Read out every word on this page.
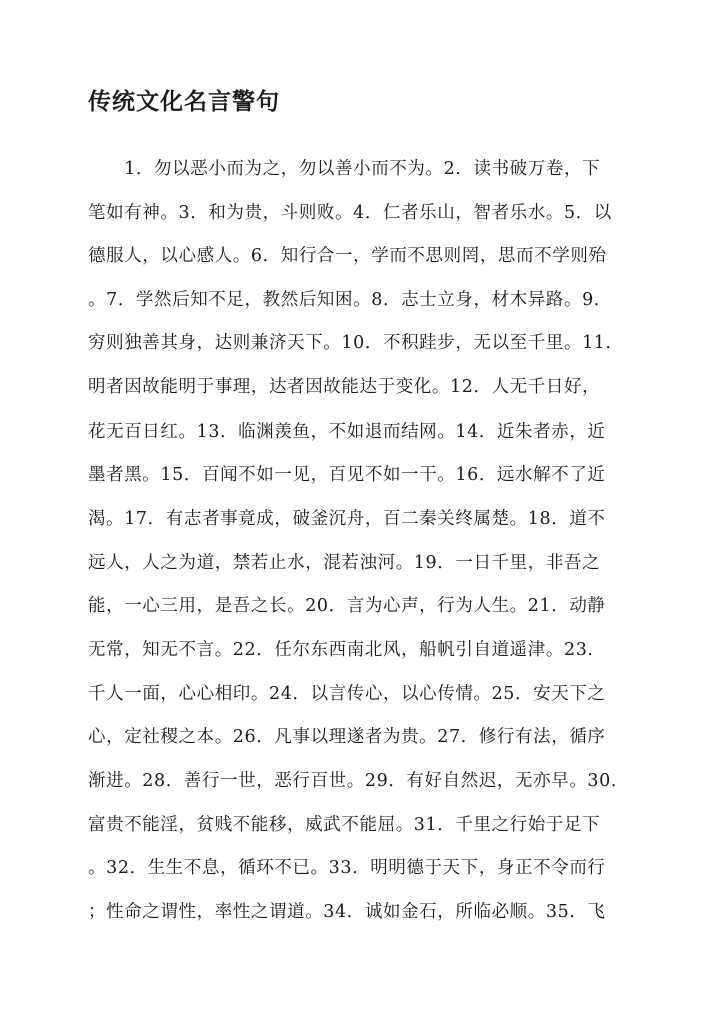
传统文化名言警句
　　1．勿以恶小而为之，勿以善小而不为。2．读书破万卷，下
笔如有神。3．和为贵，斗则败。4．仁者乐山，智者乐水。5．以
德服人，以心感人。6．知行合一，学而不思则罔，思而不学则殆
。7．学然后知不足，教然后知困。8．志士立身，材木异路。9．
穷则独善其身，达则兼济天下。10．不积跬步，无以至千里。11．
明者因故能明于事理，达者因故能达于变化。12．人无千日好，
花无百日红。13．临渊羡鱼，不如退而结网。14．近朱者赤，近
墨者黑。15．百闻不如一见，百见不如一干。16．远水解不了近
渴。17．有志者事竟成，破釜沉舟，百二秦关终属楚。18．道不
远人，人之为道，禁若止水，混若浊河。19．一日千里，非吾之
能，一心三用，是吾之长。20．言为心声，行为人生。21．动静
无常，知无不言。22．任尔东西南北风，船帆引自道遥津。23．
千人一面，心心相印。24．以言传心，以心传情。25．安天下之
心，定社稷之本。26．凡事以理遂者为贵。27．修行有法，循序
渐进。28．善行一世，恶行百世。29．有好自然迟，无亦早。30．
富贵不能淫，贫贱不能移，威武不能屈。31．千里之行始于足下
。32．生生不息，循环不已。33．明明德于天下，身正不令而行
；性命之谓性，率性之谓道。34．诚如金石，所临必顺。35．飞
